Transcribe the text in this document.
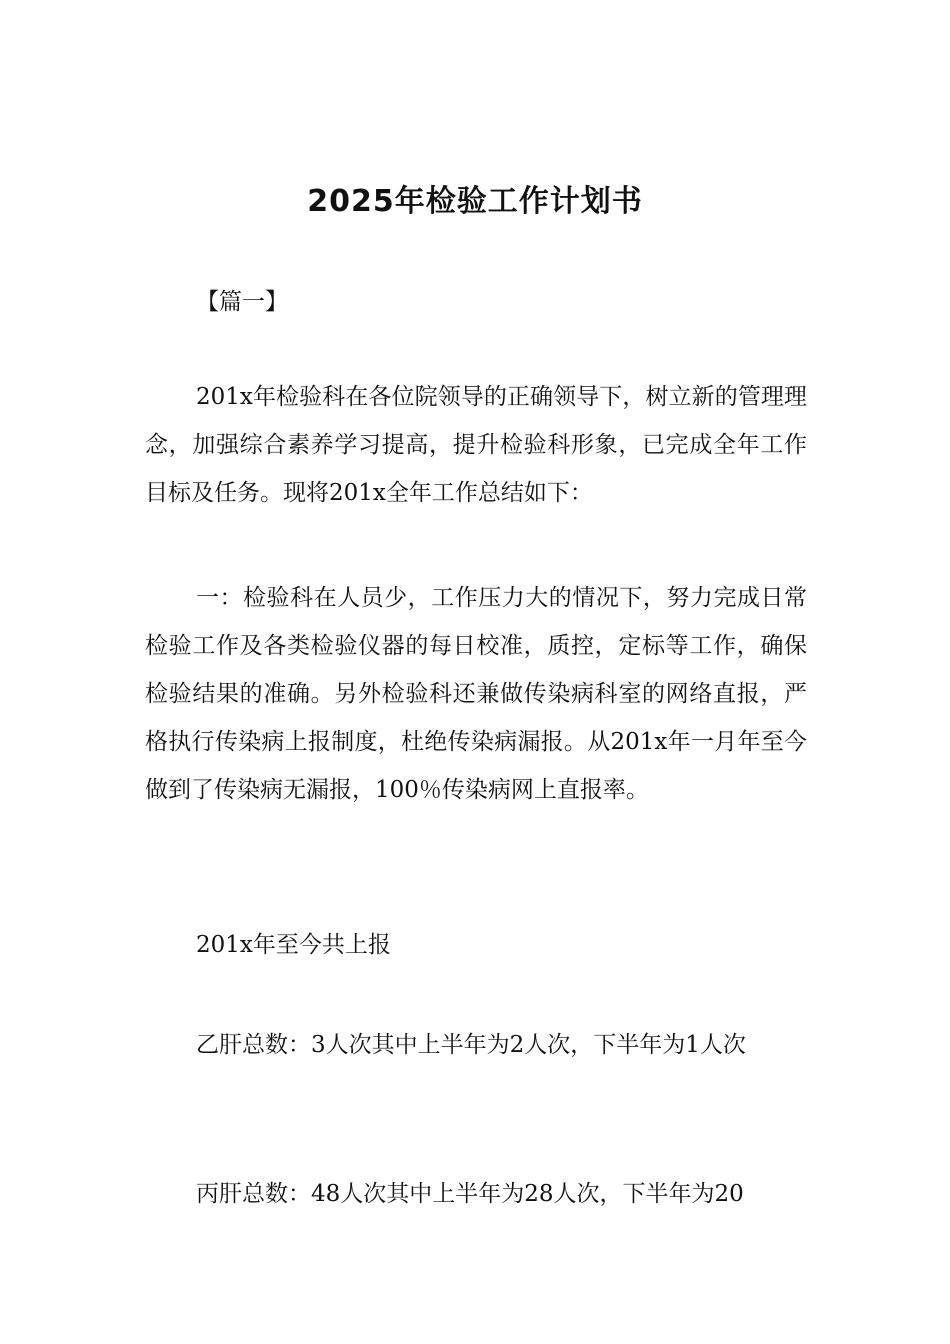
2025年检验工作计划书

【篇一】

201x年检验科在各位院领导的正确领导下，树立新的管理理念，加强综合素养学习提高，提升检验科形象，已完成全年工作目标及任务。现将201x全年工作总结如下：

一：检验科在人员少，工作压力大的情况下，努力完成日常检验工作及各类检验仪器的每日校准，质控，定标等工作，确保检验结果的准确。另外检验科还兼做传染病科室的网络直报，严格执行传染病上报制度，杜绝传染病漏报。从201x年一月年至今做到了传染病无漏报，100％传染病网上直报率。

201x年至今共上报

乙肝总数：3人次其中上半年为2人次，下半年为1人次

丙肝总数：48人次其中上半年为28人次，下半年为20
